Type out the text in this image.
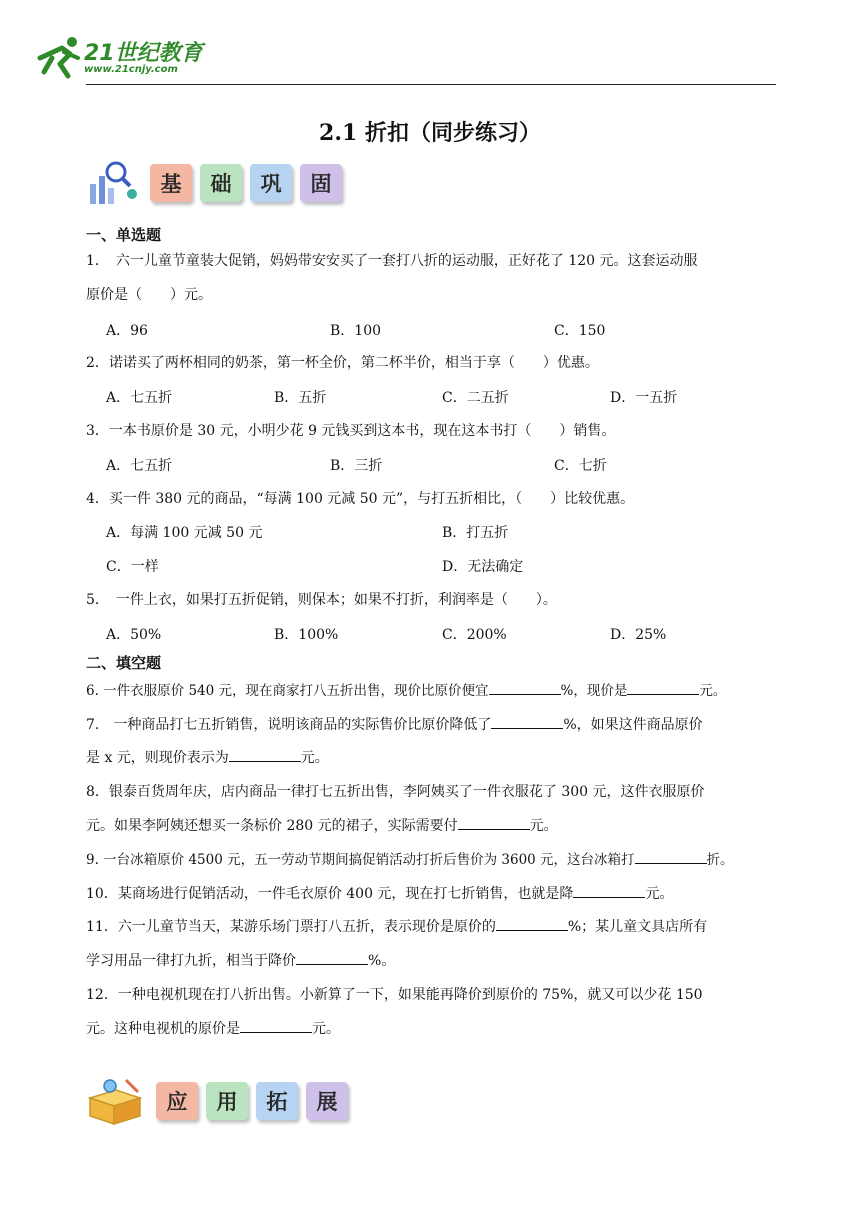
21世纪教育
www.21cnjy.com
2.1 折扣（同步练习）
基	础	巩	固
一、单选题
1．　六一儿童节童装大促销，妈妈带安安买了一套打八折的运动服，正好花了 120 元。这套运动服
原价是（　　）元。
A．96	B．100	C．150
2．诺诺买了两杯相同的奶茶，第一杯全价，第二杯半价，相当于享（　　）优惠。
A．七五折	B．五折	C．二五折	D．一五折
3．一本书原价是 30 元，小明少花 9 元钱买到这本书，现在这本书打（　　）销售。
A．七五折	B．三折	C．七折
4．买一件 380 元的商品，“每满 100 元减 50 元”，与打五折相比，（　　）比较优惠。
A．每满 100 元减 50 元	B．打五折
C．一样	D．无法确定
5．　一件上衣，如果打五折促销，则保本；如果不打折，利润率是（　　）。
A．50%	B．100%	C．200%	D．25%
二、填空题
6. 一件衣服原价 540 元，现在商家打八五折出售，现价比原价便宜	%，现价是	元。
7.　一种商品打七五折销售，说明该商品的实际售价比原价降低了	%，如果这件商品原价
是 x 元，则现价表示为	元。
8．银泰百货周年庆，店内商品一律打七五折出售，李阿姨买了一件衣服花了 300 元，这件衣服原价
元。如果李阿姨还想买一条标价 280 元的裙子，实际需要付	元。
9. 一台冰箱原价 4500 元，五一劳动节期间搞促销活动打折后售价为 3600 元，这台冰箱打	折。
10．某商场进行促销活动，一件毛衣原价 400 元，现在打七折销售，也就是降	元。
11．六一儿童节当天，某游乐场门票打八五折，表示现价是原价的	%；某儿童文具店所有
学习用品一律打九折，相当于降价	%。
12．一种电视机现在打八折出售。小新算了一下，如果能再降价到原价的 75%，就又可以少花 150
元。这种电视机的原价是	元。
应	用	拓	展
